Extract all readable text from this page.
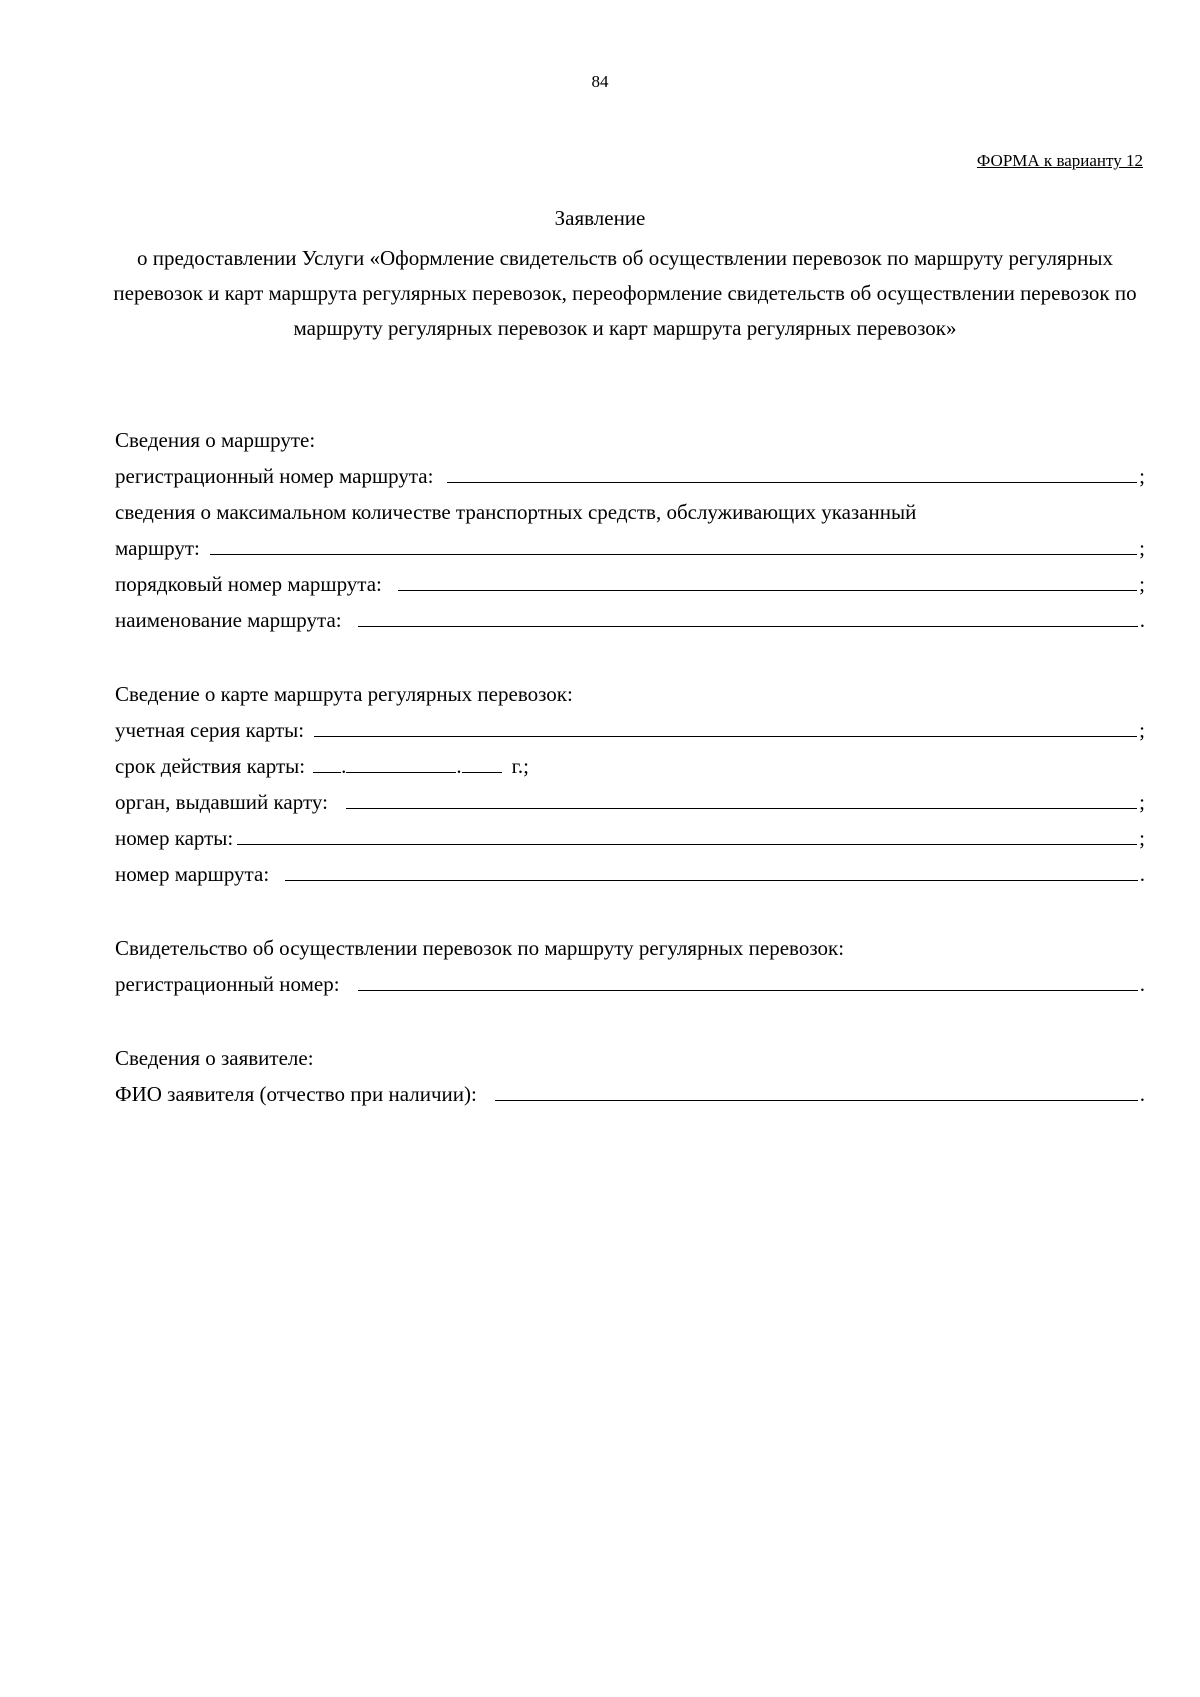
84
ФОРМА к варианту 12
Заявление
о предоставлении Услуги «Оформление свидетельств об осуществлении перевозок по маршруту регулярных перевозок и карт маршрута регулярных перевозок, переоформление свидетельств об осуществлении перевозок по маршруту регулярных перевозок и карт маршрута регулярных перевозок»
Сведения о маршруте:
регистрационный номер маршрута:	;
сведения о максимальном количестве транспортных средств, обслуживающих указанный
маршрут:	;
порядковый номер маршрута:	;
наименование маршрута:	.
Сведение о карте маршрута регулярных перевозок:
учетная серия карты:	;
срок действия карты: .	. г.;
орган, выдавший карту:	;
номер карты:	;
номер маршрута:	.
Свидетельство об осуществлении перевозок по маршруту регулярных перевозок:
регистрационный номер:	.
Сведения о заявителе:
ФИО заявителя (отчество при наличии):	.
